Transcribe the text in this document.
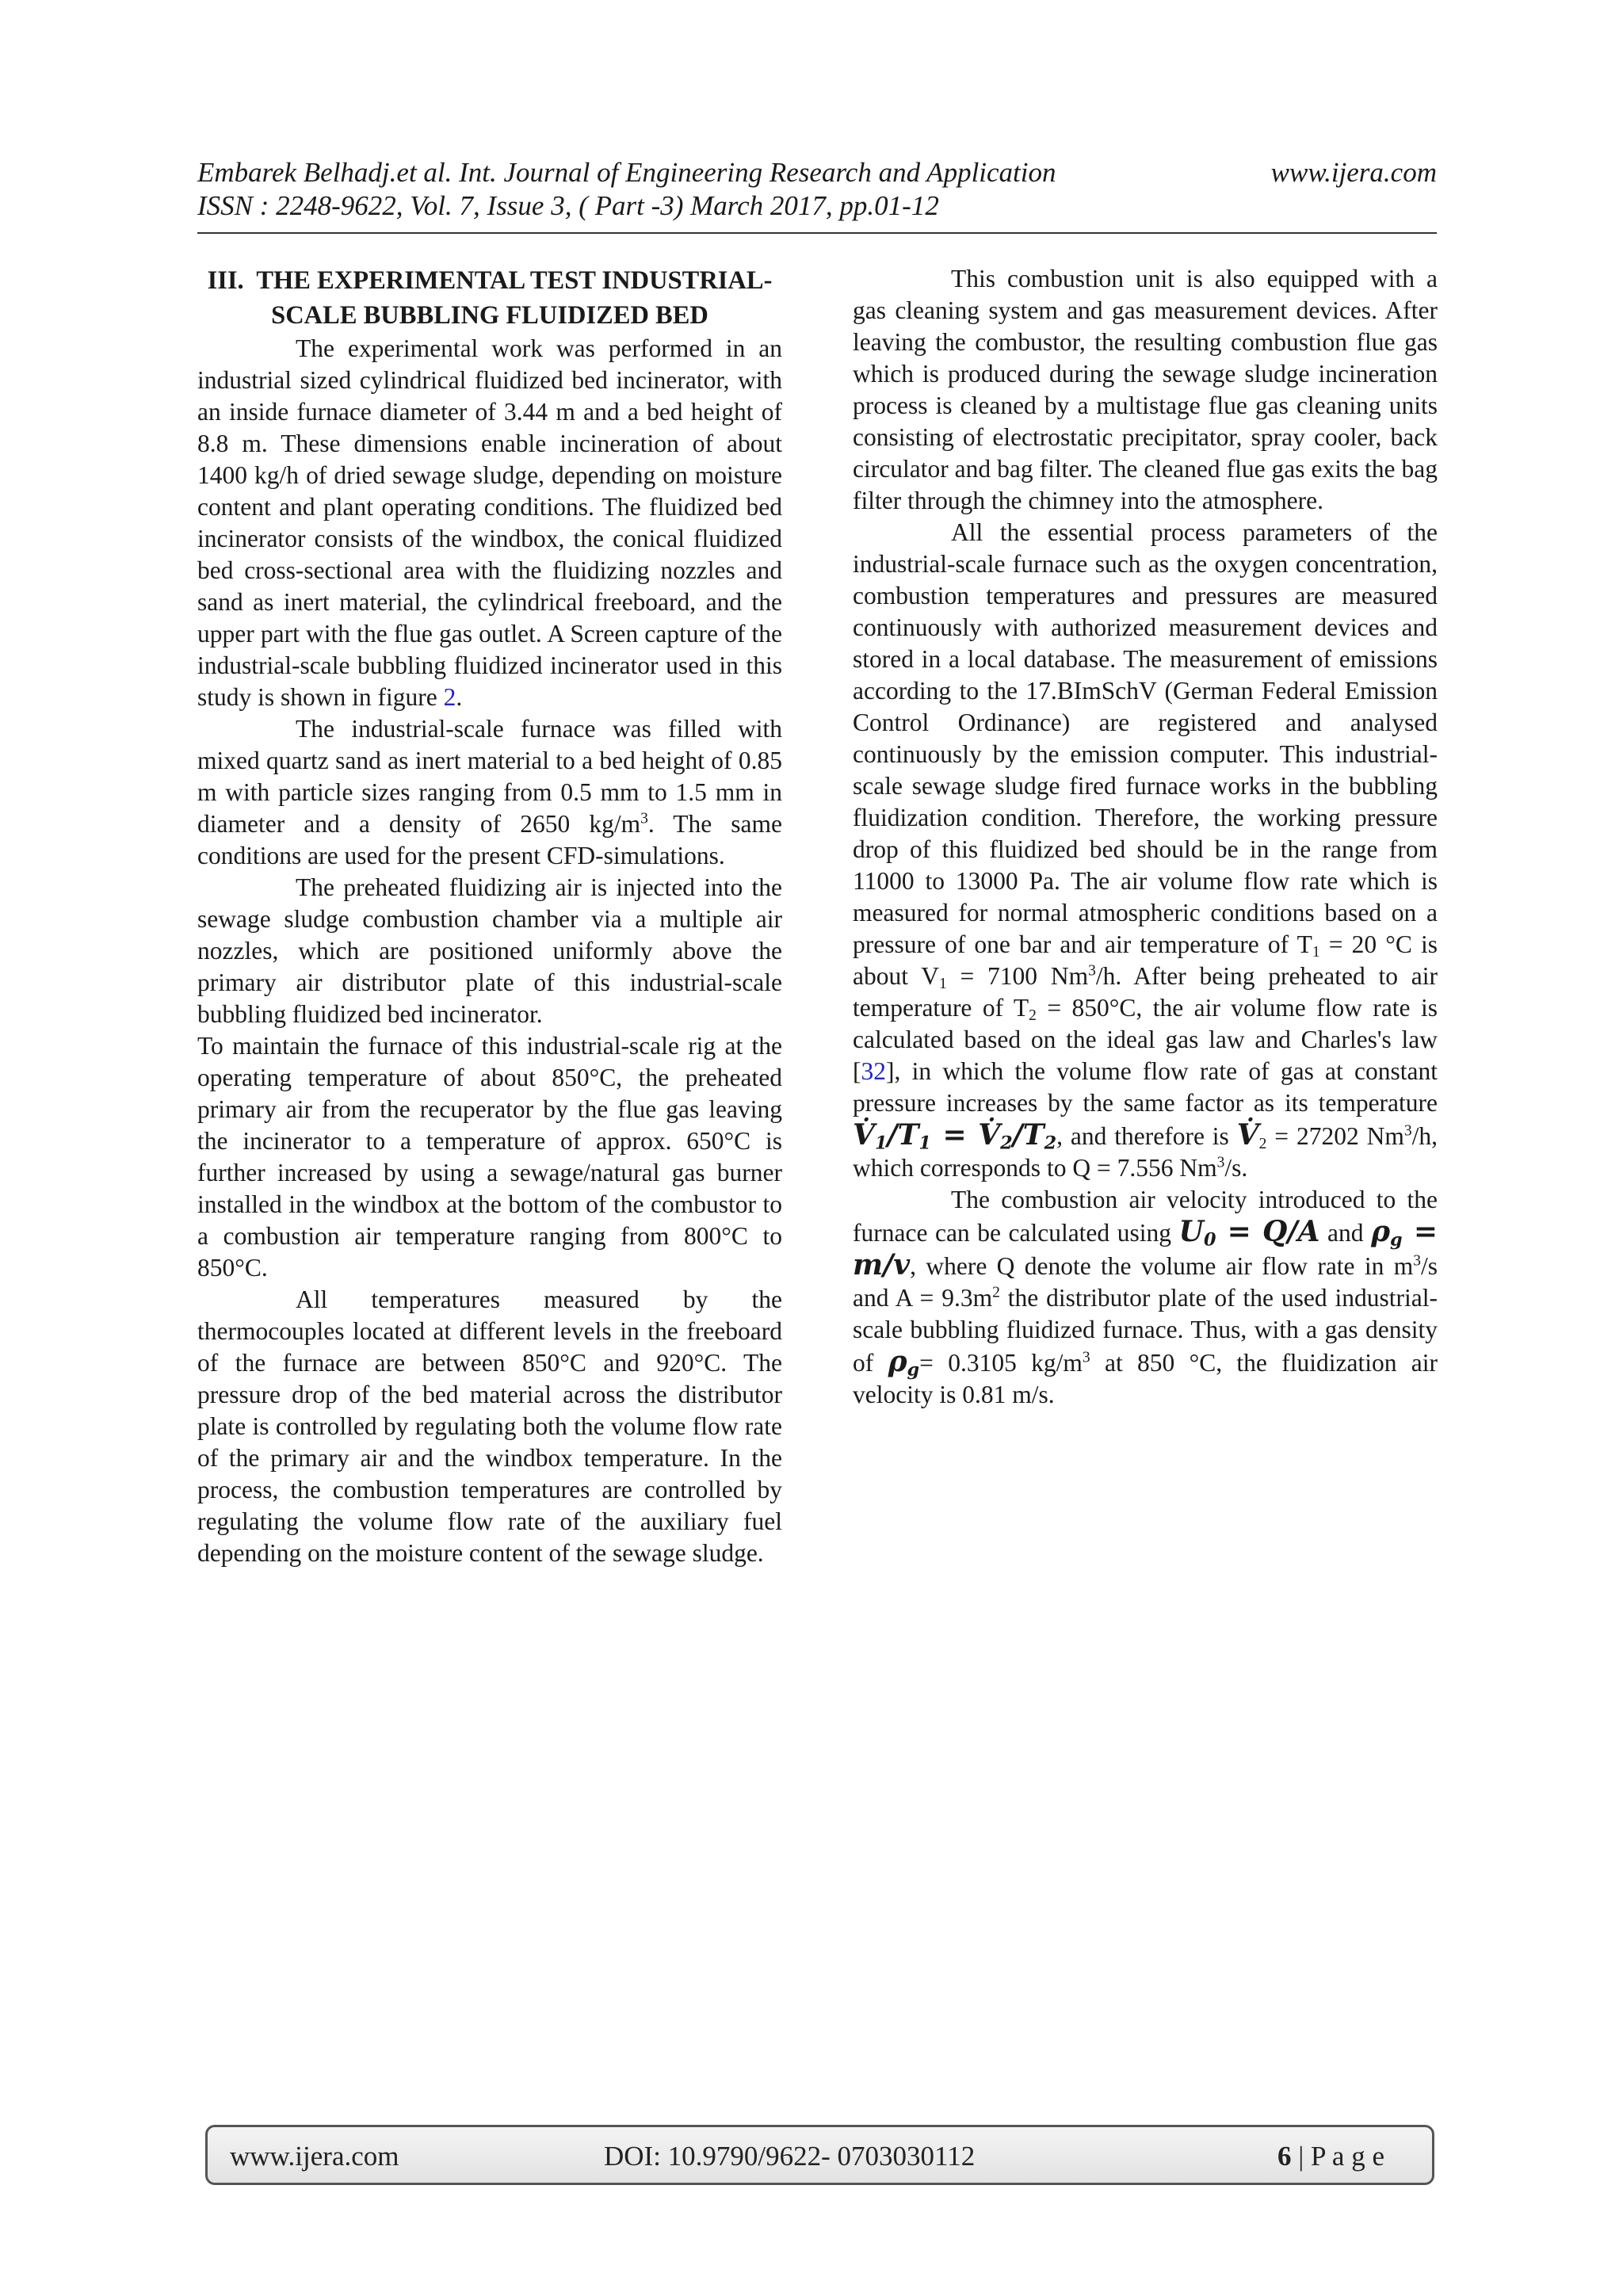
Embarek Belhadj.et al. Int. Journal of Engineering Research and Application	www.ijera.com
ISSN : 2248-9622, Vol. 7, Issue 3, ( Part -3) March 2017, pp.01-12
III. THE EXPERIMENTAL TEST INDUSTRIAL-SCALE BUBBLING FLUIDIZED BED

The experimental work was performed in an industrial sized cylindrical fluidized bed incinerator, with an inside furnace diameter of 3.44 m and a bed height of 8.8 m. These dimensions enable incineration of about 1400 kg/h of dried sewage sludge, depending on moisture content and plant operating conditions. The fluidized bed incinerator consists of the windbox, the conical fluidized bed cross-sectional area with the fluidizing nozzles and sand as inert material, the cylindrical freeboard, and the upper part with the flue gas outlet. A Screen capture of the industrial-scale bubbling fluidized incinerator used in this study is shown in figure 2.

The industrial-scale furnace was filled with mixed quartz sand as inert material to a bed height of 0.85 m with particle sizes ranging from 0.5 mm to 1.5 mm in diameter and a density of 2650 $kg/m^3$. The same conditions are used for the present CFD-simulations.

The preheated fluidizing air is injected into the sewage sludge combustion chamber via a multiple air nozzles, which are positioned uniformly above the primary air distributor plate of this industrial-scale bubbling fluidized bed incinerator.

To maintain the furnace of this industrial-scale rig at the operating temperature of about 850°C, the preheated primary air from the recuperator by the flue gas leaving the incinerator to a temperature of approx. 650°C is further increased by using a sewage/natural gas burner installed in the windbox at the bottom of the combustor to a combustion air temperature ranging from 800°C to 850°C.

All temperatures measured by the thermocouples located at different levels in the freeboard of the furnace are between 850°C and 920°C. The pressure drop of the bed material across the distributor plate is controlled by regulating both the volume flow rate of the primary air and the windbox temperature. In the process, the combustion temperatures are controlled by regulating the volume flow rate of the auxiliary fuel depending on the moisture content of the sewage sludge.

This combustion unit is also equipped with a gas cleaning system and gas measurement devices. After leaving the combustor, the resulting combustion flue gas which is produced during the sewage sludge incineration process is cleaned by a multistage flue gas cleaning units consisting of electrostatic precipitator, spray cooler, back circulator and bag filter. The cleaned flue gas exits the bag filter through the chimney into the atmosphere.

All the essential process parameters of the industrial-scale furnace such as the oxygen concentration, combustion temperatures and pressures are measured continuously with authorized measurement devices and stored in a local database. The measurement of emissions according to the 17.BImSchV (German Federal Emission Control Ordinance) are registered and analysed continuously by the emission computer. This industrial-scale sewage sludge fired furnace works in the bubbling fluidization condition. Therefore, the working pressure drop of this fluidized bed should be in the range from 11000 to 13000 Pa. The air volume flow rate which is measured for normal atmospheric conditions based on a pressure of one bar and air temperature of $T_1 = 20$ °C is about $V_1 = 7100$ Nm$^3$/h. After being preheated to air temperature of $T_2 = 850^\circ C$, the air volume flow rate is calculated based on the ideal gas law and Charles's law [32], in which the volume flow rate of gas at constant pressure increases by the same factor as its temperature $V̇_1/T_1$ = $V̇_2/T_2$, and therefore is $V̇_2 = 27202$ Nm$^3$/h, which corresponds to Q = 7.556 Nm$^3$/s.

The combustion air velocity introduced to the furnace can be calculated using $U_0 = Q/A$ and $\rho_g = m/v$, where Q denote the volume air flow rate in $m^3/s$ and $A = 9.3m^2$ the distributor plate of the used industrial-scale bubbling fluidized furnace. Thus, with a gas density of $\rho_g= 0.3105$ $kg/m^3$ at 850 °C, the fluidization air velocity is 0.81 m/s.

www.ijera.com	DOI: 10.9790/9622- 0703030112	6 | P a g e
